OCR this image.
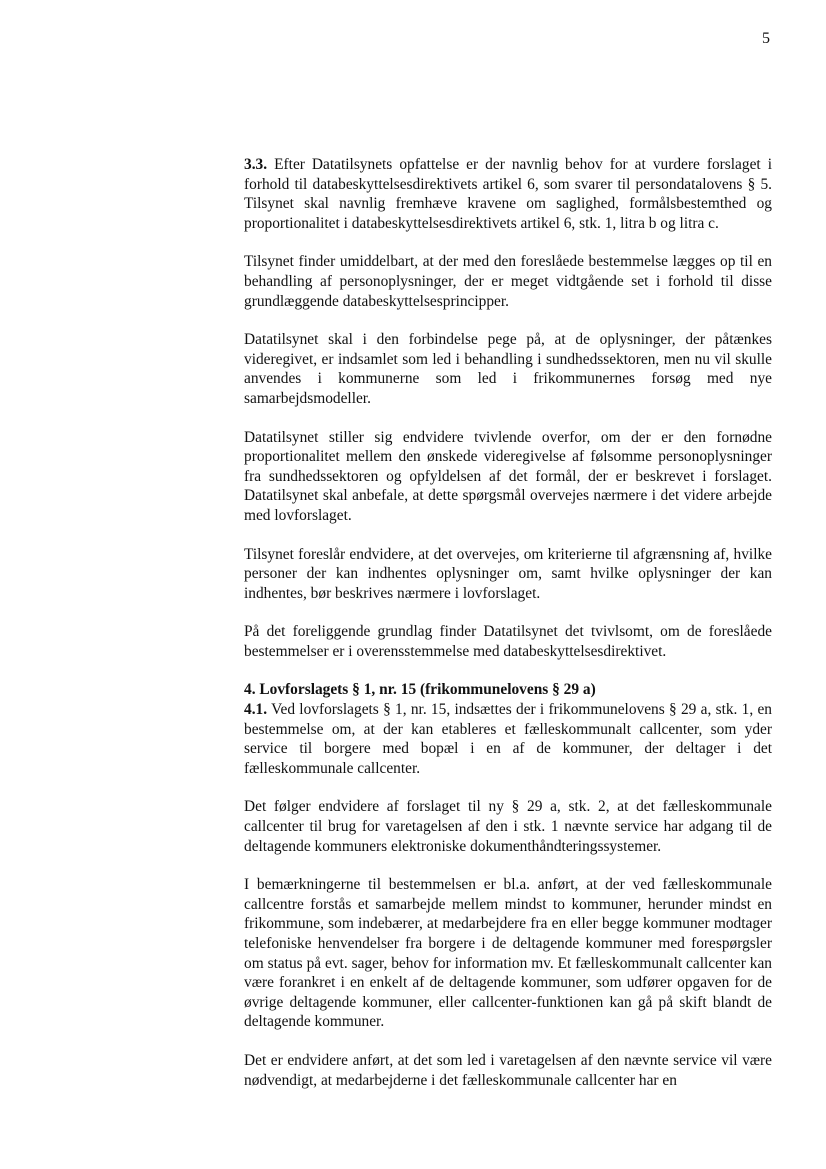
5

3.3. Efter Datatilsynets opfattelse er der navnlig behov for at vurdere forslaget i forhold til databeskyttelsesdirektivets artikel 6, som svarer til persondatalovens § 5. Tilsynet skal navnlig fremhæve kravene om saglighed, formålsbestemthed og proportionalitet i databeskyttelsesdirektivets artikel 6, stk. 1, litra b og litra c.

Tilsynet finder umiddelbart, at der med den foreslåede bestemmelse lægges op til en behandling af personoplysninger, der er meget vidtgående set i forhold til disse grundlæggende databeskyttelsesprincipper.

Datatilsynet skal i den forbindelse pege på, at de oplysninger, der påtænkes videregivet, er indsamlet som led i behandling i sundhedssektoren, men nu vil skulle anvendes i kommunerne som led i frikommunernes forsøg med nye samarbejdsmodeller.

Datatilsynet stiller sig endvidere tvivlende overfor, om der er den fornødne proportionalitet mellem den ønskede videregivelse af følsomme personoplysninger fra sundhedssektoren og opfyldelsen af det formål, der er beskrevet i forslaget. Datatilsynet skal anbefale, at dette spørgsmål overvejes nærmere i det videre arbejde med lovforslaget.

Tilsynet foreslår endvidere, at det overvejes, om kriterierne til afgrænsning af, hvilke personer der kan indhentes oplysninger om, samt hvilke oplysninger der kan indhentes, bør beskrives nærmere i lovforslaget.

På det foreliggende grundlag finder Datatilsynet det tvivlsomt, om de foreslåede bestemmelser er i overensstemmelse med databeskyttelsesdirektivet.

4. Lovforslagets § 1, nr. 15 (frikommunelovens § 29 a)

4.1. Ved lovforslagets § 1, nr. 15, indsættes der i frikommunelovens § 29 a, stk. 1, en bestemmelse om, at der kan etableres et fælleskommunalt callcenter, som yder service til borgere med bopæl i en af de kommuner, der deltager i det fælleskommunale callcenter.

Det følger endvidere af forslaget til ny § 29 a, stk. 2, at det fælleskommunale callcenter til brug for varetagelsen af den i stk. 1 nævnte service har adgang til de deltagende kommuners elektroniske dokumenthåndteringssystemer.

I bemærkningerne til bestemmelsen er bl.a. anført, at der ved fælleskommunale callcentre forstås et samarbejde mellem mindst to kommuner, herunder mindst en frikommune, som indebærer, at medarbejdere fra en eller begge kommuner modtager telefoniske henvendelser fra borgere i de deltagende kommuner med forespørgsler om status på evt. sager, behov for information mv. Et fælleskommunalt callcenter kan være forankret i en enkelt af de deltagende kommuner, som udfører opgaven for de øvrige deltagende kommuner, eller callcenter-funktionen kan gå på skift blandt de deltagende kommuner.

Det er endvidere anført, at det som led i varetagelsen af den nævnte service vil være nødvendigt, at medarbejderne i det fælleskommunale callcenter har en
